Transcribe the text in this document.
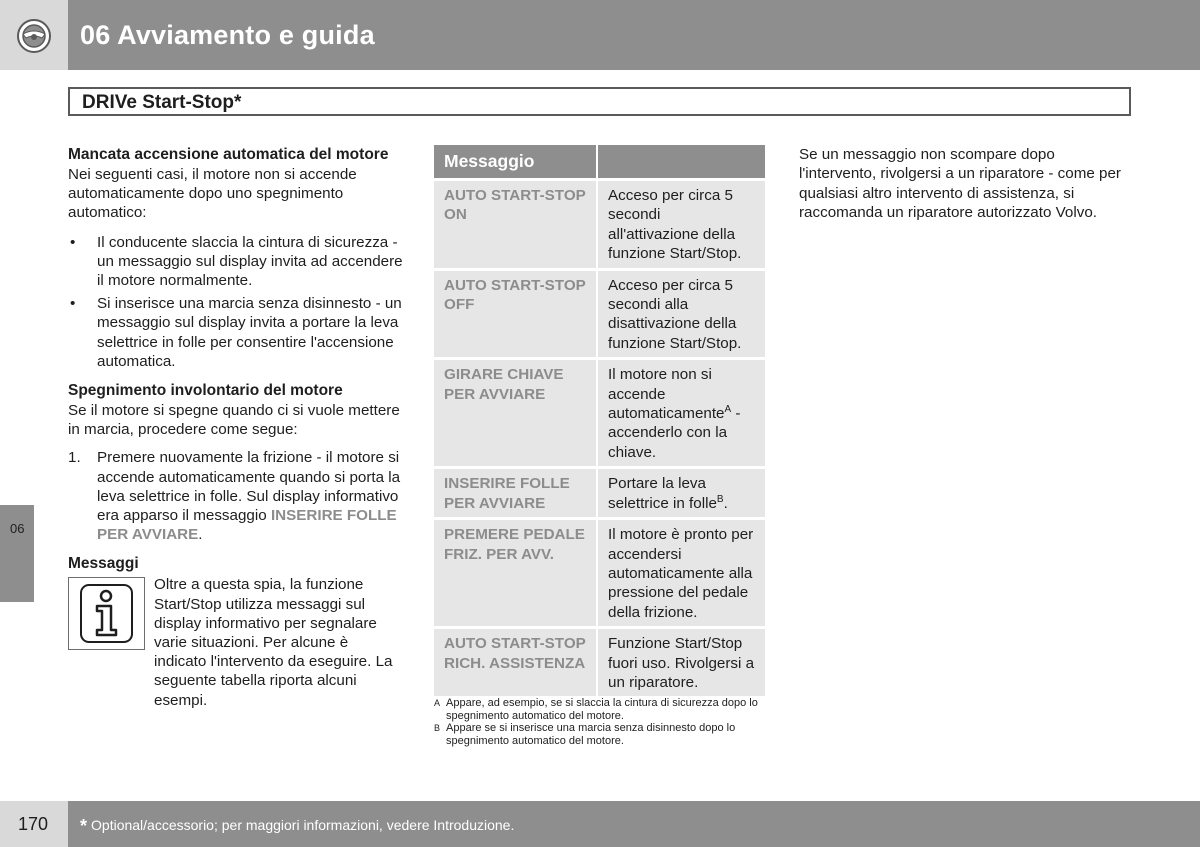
06 Avviamento e guida
DRIVe Start-Stop*
Mancata accensione automatica del motore

Nei seguenti casi, il motore non si accende automaticamente dopo uno spegnimento automatico:

• Il conducente slaccia la cintura di sicurezza - un messaggio sul display invita ad accendere il motore normalmente.
• Si inserisce una marcia senza disinnesto - un messaggio sul display invita a portare la leva selettrice in folle per consentire l'accensione automatica.
Spegnimento involontario del motore

Se il motore si spegne quando ci si vuole mettere in marcia, procedere come segue:

1. Premere nuovamente la frizione - il motore si accende automaticamente quando si porta la leva selettrice in folle. Sul display informativo era apparso il messaggio INSERIRE FOLLE PER AVVIARE.
Messaggi

Oltre a questa spia, la funzione Start/Stop utilizza messaggi sul display informativo per segnalare varie situazioni. Per alcune è indicato l'intervento da eseguire. La seguente tabella riporta alcuni esempi.

Messaggio	
AUTO START-STOP ON	Acceso per circa 5 secondi all'attivazione della funzione Start/Stop.
AUTO START-STOP OFF	Acceso per circa 5 secondi alla disattivazione della funzione Start/Stop.
GIRARE CHIAVE PER AVVIARE	Il motore non si accende automaticamente$^A$ - accenderlo con la chiave.
INSERIRE FOLLE PER AVVIARE	Portare la leva selettrice in folle$^B$.
PREMERE PEDALE FRIZ. PER AVV.	Il motore è pronto per accendersi automaticamente alla pressione del pedale della frizione.
AUTO START-STOP RICH. ASSISTENZA	Funzione Start/Stop fuori uso. Rivolgersi a un riparatore.
A Appare, ad esempio, se si slaccia la cintura di sicurezza dopo lo spegnimento automatico del motore.
B Appare se si inserisce una marcia senza disinnesto dopo lo spegnimento automatico del motore.

Se un messaggio non scompare dopo l'intervento, rivolgersi a un riparatore - come per qualsiasi altro intervento di assistenza, si raccomanda un riparatore autorizzato Volvo.

06
170 * Optional/accessorio; per maggiori informazioni, vedere Introduzione.
